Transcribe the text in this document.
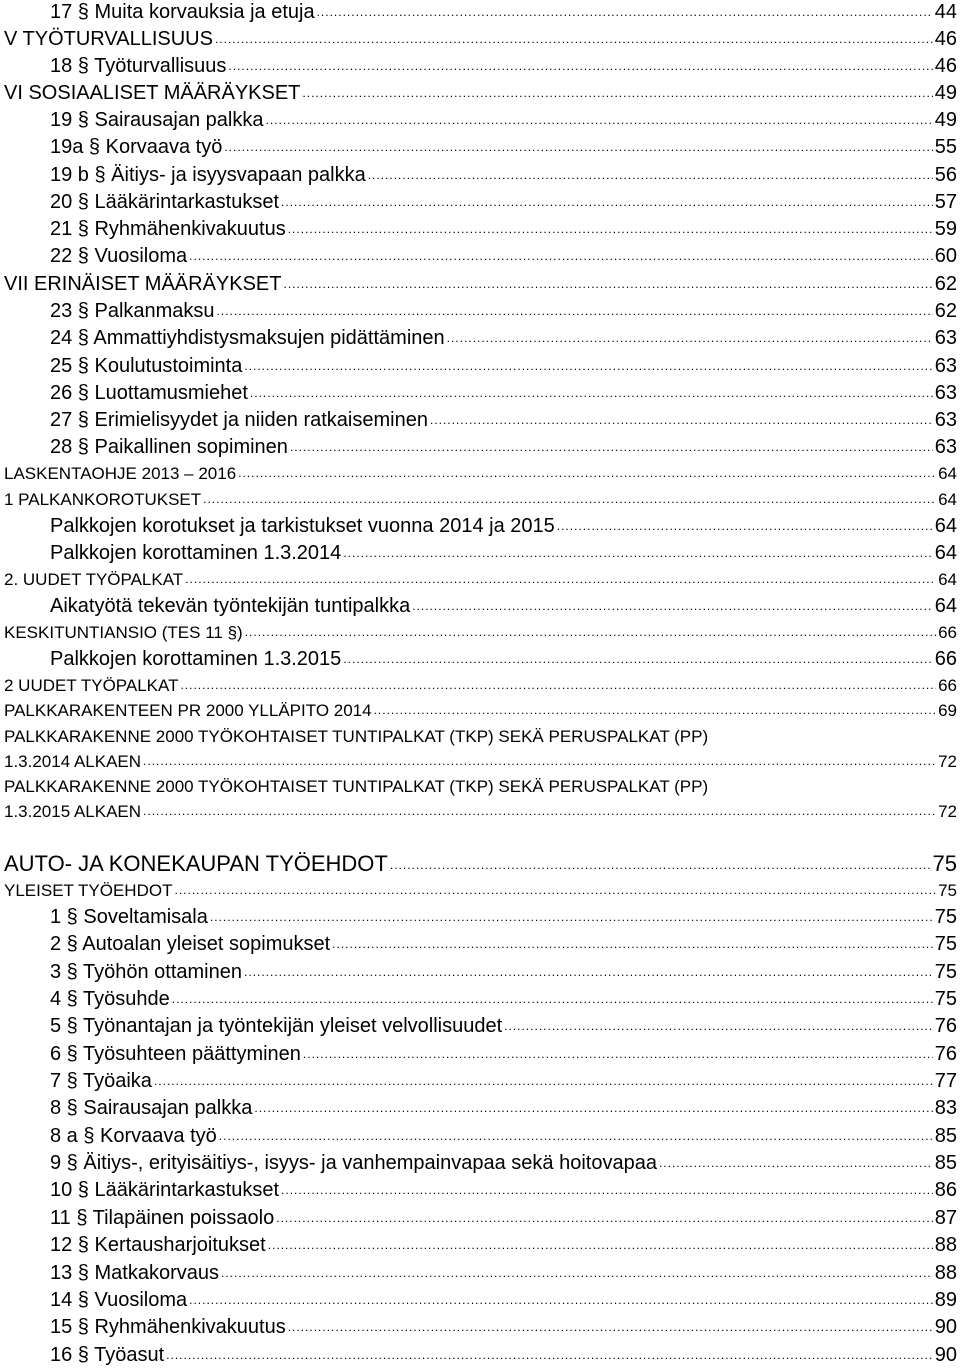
17 § Muita korvauksia ja etuja .....	44
V TYÖTURVALLISUUS .....	46
18 § Työturvallisuus .....	46
VI SOSIAALISET MÄÄRÄYKSET .....	49
19 § Sairausajan palkka .....	49
19a § Korvaava työ .....	55
19 b § Äitiys- ja isyysvapaan palkka .....	56
20 § Lääkärintarkastukset .....	57
21 § Ryhmähenkivakuutus .....	59
22 § Vuosiloma .....	60
VII ERINÄISET MÄÄRÄYKSET .....	62
23 § Palkanmaksu .....	62
24 § Ammattiyhdistysmaksujen pidättäminen .....	63
25 § Koulutustoiminta .....	63
26 § Luottamusmiehet .....	63
27 § Erimielisyydet ja niiden ratkaiseminen .....	63
28 § Paikallinen sopiminen .....	63
LASKENTAOHJE 2013 – 2016 .....	64
1 PALKANKOROTUKSET .....	64
Palkkojen korotukset ja tarkistukset vuonna 2014 ja 2015 .....	64
Palkkojen korottaminen 1.3.2014 .....	64
2. UUDET TYÖPALKAT .....	64
Aikatyötä tekevän työntekijän tuntipalkka .....	64
KESKITUNTIANSIO (TES 11 §) .....	66
Palkkojen korottaminen 1.3.2015 .....	66
2 UUDET TYÖPALKAT .....	66
PALKKARAKENTEEN PR 2000 YLLÄPITO 2014 .....	69
PALKKARAKENNE 2000 TYÖKOHTAISET TUNTIPALKAT (TKP) SEKÄ PERUSPALKAT (PP)
1.3.2014 ALKAEN .....	72
PALKKARAKENNE 2000 TYÖKOHTAISET TUNTIPALKAT (TKP) SEKÄ PERUSPALKAT (PP)
1.3.2015 ALKAEN .....	72
AUTO- JA KONEKAUPAN TYÖEHDOT .....	75
YLEISET TYÖEHDOT .....	75
1 § Soveltamisala .....	75
2 § Autoalan yleiset sopimukset .....	75
3 § Työhön ottaminen .....	75
4 § Työsuhde .....	75
5 § Työnantajan ja työntekijän yleiset velvollisuudet .....	76
6 § Työsuhteen päättyminen .....	76
7 § Työaika .....	77
8 § Sairausajan palkka .....	83
8 a § Korvaava työ .....	85
9 § Äitiys-, erityisäitiys-, isyys- ja vanhempainvapaa sekä hoitovapaa .....	85
10 § Lääkärintarkastukset .....	86
11 § Tilapäinen poissaolo .....	87
12 § Kertausharjoitukset .....	88
13 § Matkakorvaus .....	88
14 § Vuosiloma .....	89
15 § Ryhmähenkivakuutus .....	90
16 § Työasut .....	90
